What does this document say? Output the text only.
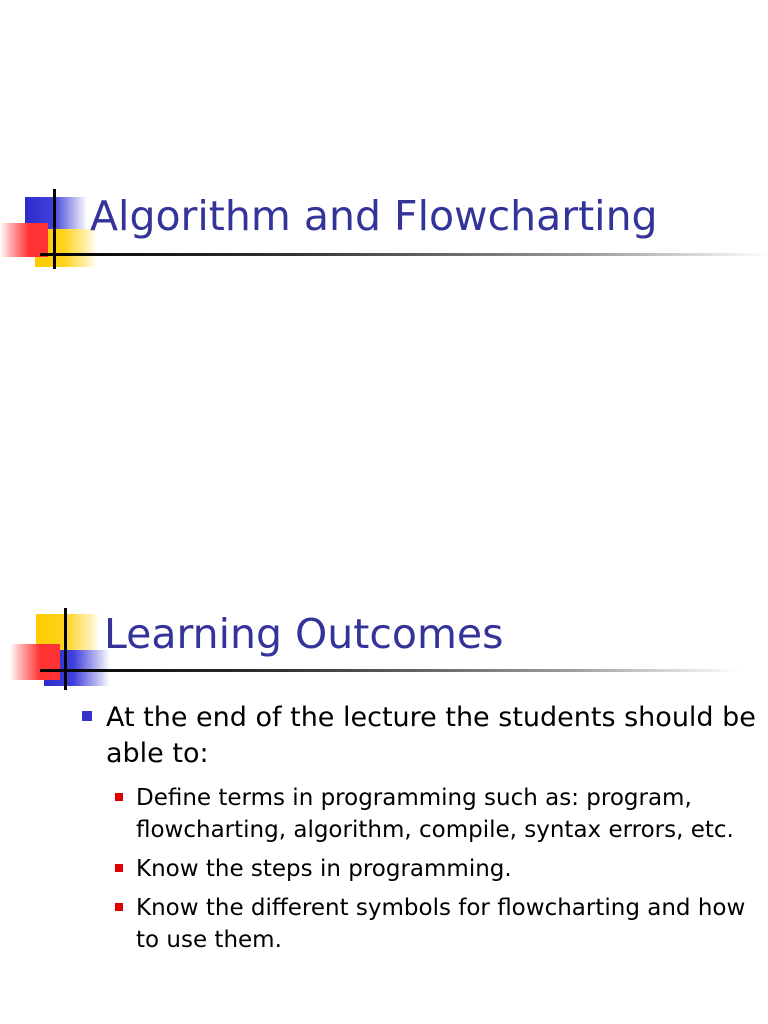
Algorithm and Flowcharting
Learning Outcomes
At the end of the lecture the students should be able to:
Define terms in programming such as: program, flowcharting, algorithm, compile, syntax errors, etc.
Know the steps in programming.
Know the different symbols for flowcharting and how to use them.
